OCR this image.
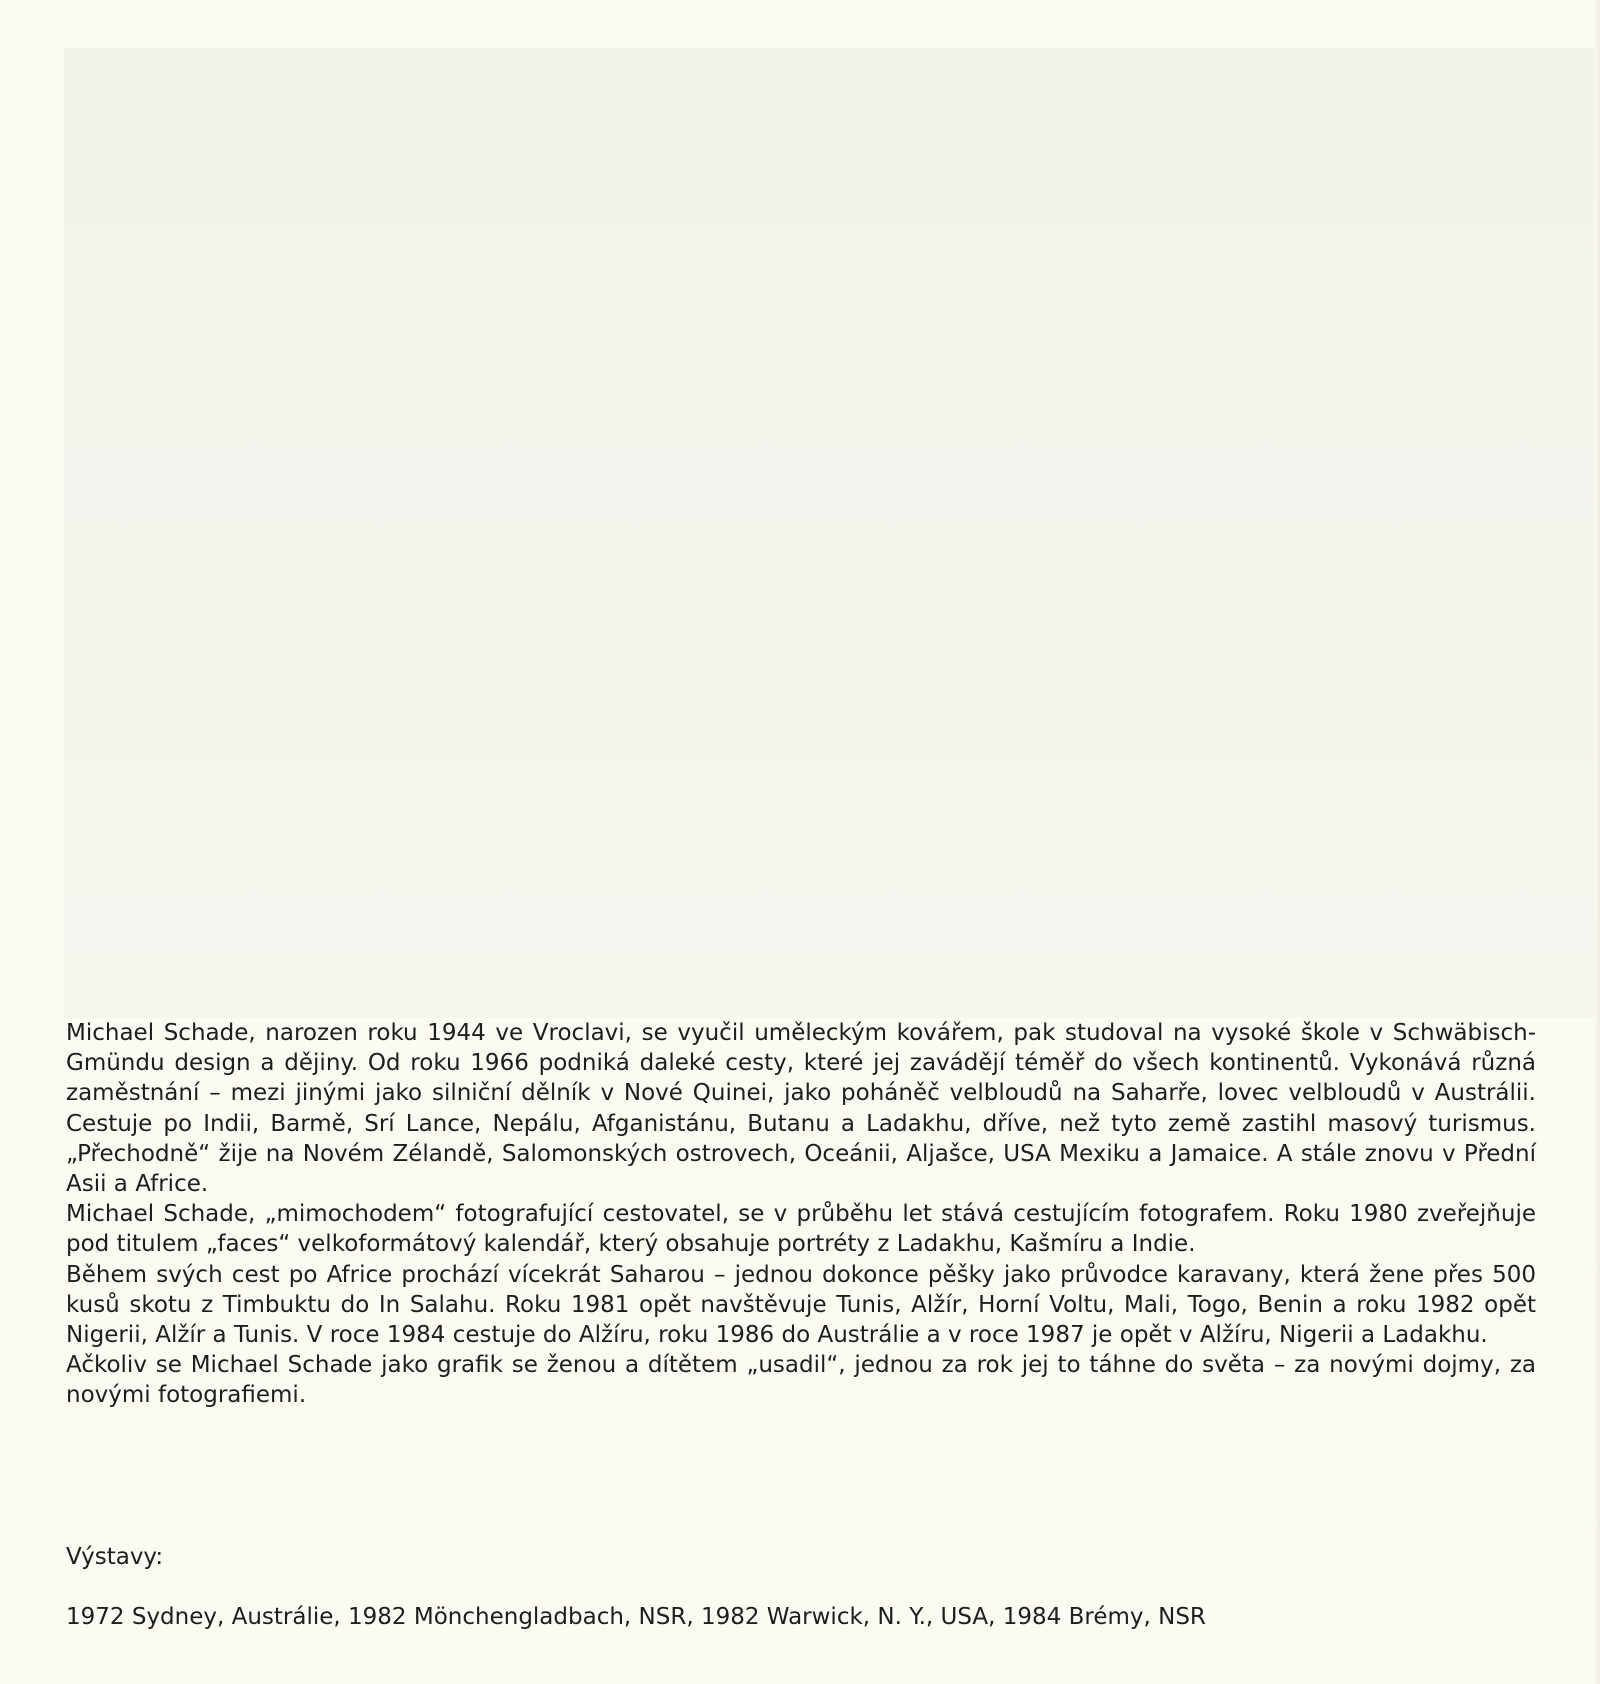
Michael Schade, narozen roku 1944 ve Vroclavi, se vyučil uměleckým kovářem, pak studoval na vysoké škole v Schwäbisch-Gmündu design a dějiny. Od roku 1966 podniká daleké cesty, které jej zavádějí téměř do všech kontinentů. Vykonává různá zaměstnání – mezi jinými jako silniční dělník v Nové Quinei, jako poháněč velbloudů na Saharře, lovec velbloudů v Austrálii. Cestuje po Indii, Barmě, Srí Lance, Nepálu, Afganistánu, Butanu a Ladakhu, dříve, než tyto země zastihl masový turismus. „Přechodně“ žije na Novém Zélandě, Salomonských ostrovech, Oceánii, Aljašce, USA Mexiku a Jamaice. A stále znovu v Přední Asii a Africe.

Michael Schade, „mimochodem“ fotografující cestovatel, se v průběhu let stává cestujícím fotografem. Roku 1980 zveřejňuje pod titulem „faces“ velkoformátový kalendář, který obsahuje portréty z Ladakhu, Kašmíru a Indie.

Během svých cest po Africe prochází vícekrát Saharou – jednou dokonce pěšky jako průvodce karavany, která žene přes 500 kusů skotu z Timbuktu do In Salahu. Roku 1981 opět navštěvuje Tunis, Alžír, Horní Voltu, Mali, Togo, Benin a roku 1982 opět Nigerii, Alžír a Tunis. V roce 1984 cestuje do Alžíru, roku 1986 do Austrálie a v roce 1987 je opět v Alžíru, Nigerii a Ladakhu.

Ačkoliv se Michael Schade jako grafik se ženou a dítětem „usadil“, jednou za rok jej to táhne do světa – za novými dojmy, za novými fotografiemi.

Výstavy:

1972 Sydney, Austrálie, 1982 Mönchengladbach, NSR, 1982 Warwick, N. Y., USA, 1984 Brémy, NSR
